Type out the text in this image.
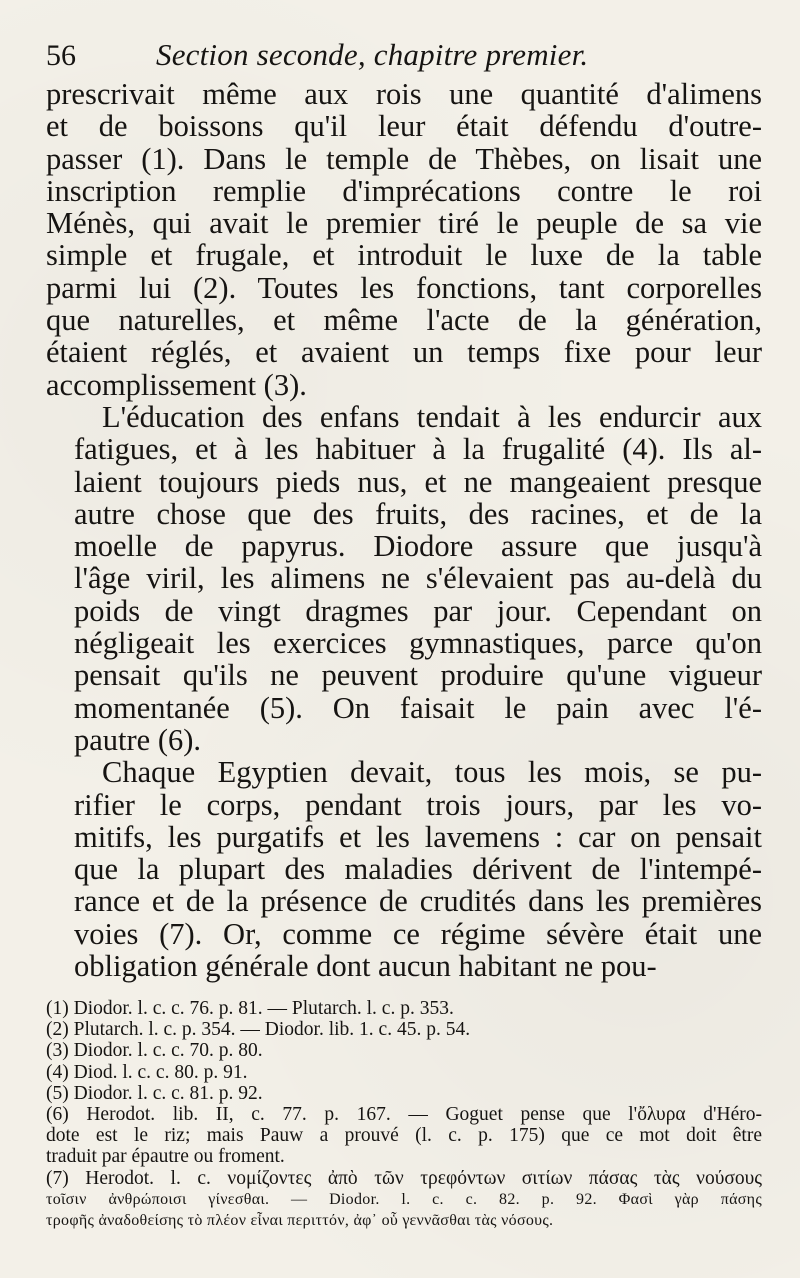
56	Section seconde, chapitre premier.
prescrivait même aux rois une quantité d'alimens
et de boissons qu'il leur était défendu d'outre-
passer (1). Dans le temple de Thèbes, on lisait une
inscription remplie d'imprécations contre le roi
Ménès, qui avait le premier tiré le peuple de sa vie
simple et frugale, et introduit le luxe de la table
parmi lui (2). Toutes les fonctions, tant corporelles
que naturelles, et même l'acte de la génération,
étaient réglés, et avaient un temps fixe pour leur
accomplissement (3).
L'éducation des enfans tendait à les endurcir aux
fatigues, et à les habituer à la frugalité (4). Ils al-
laient toujours pieds nus, et ne mangeaient presque
autre chose que des fruits, des racines, et de la
moelle de papyrus. Diodore assure que jusqu'à
l'âge viril, les alimens ne s'élevaient pas au-delà du
poids de vingt dragmes par jour. Cependant on
négligeait les exercices gymnastiques, parce qu'on
pensait qu'ils ne peuvent produire qu'une vigueur
momentanée (5). On faisait le pain avec l'é-
pautre (6).
Chaque Egyptien devait, tous les mois, se pu-
rifier le corps, pendant trois jours, par les vo-
mitifs, les purgatifs et les lavemens : car on pensait
que la plupart des maladies dérivent de l'intempé-
rance et de la présence de crudités dans les premières
voies (7). Or, comme ce régime sévère était une
obligation générale dont aucun habitant ne pou-
(1) Diodor. l. c. c. 76. p. 81. — Plutarch. l. c. p. 353.
(2) Plutarch. l. c. p. 354. — Diodor. lib. 1. c. 45. p. 54.
(3) Diodor. l. c. c. 70. p. 80.
(4) Diod. l. c. c. 80. p. 91.
(5) Diodor. l. c. c. 81. p. 92.
(6) Herodot. lib. II, c. 77. p. 167. — Goguet pense que l'ὄλυρα d'Héro-
dote est le riz; mais Pauw a prouvé (l. c. p. 175) que ce mot doit être
traduit par épautre ou froment.
(7) Herodot. l. c. νομίζοντες ἀπὸ τῶν τρεφόντων σιτίων πάσας τὰς νούσους
τοῖσιν ἀνθρώποισι γίνεσθαι. — Diodor. l. c. c. 82. p. 92. Φασὶ γὰρ πάσης
τροφῆς ἀναδοθείσης τὸ πλέον εἶναι περιττόν, ἀφ᾽ οὗ γεννᾶσθαι τὰς νόσους.
